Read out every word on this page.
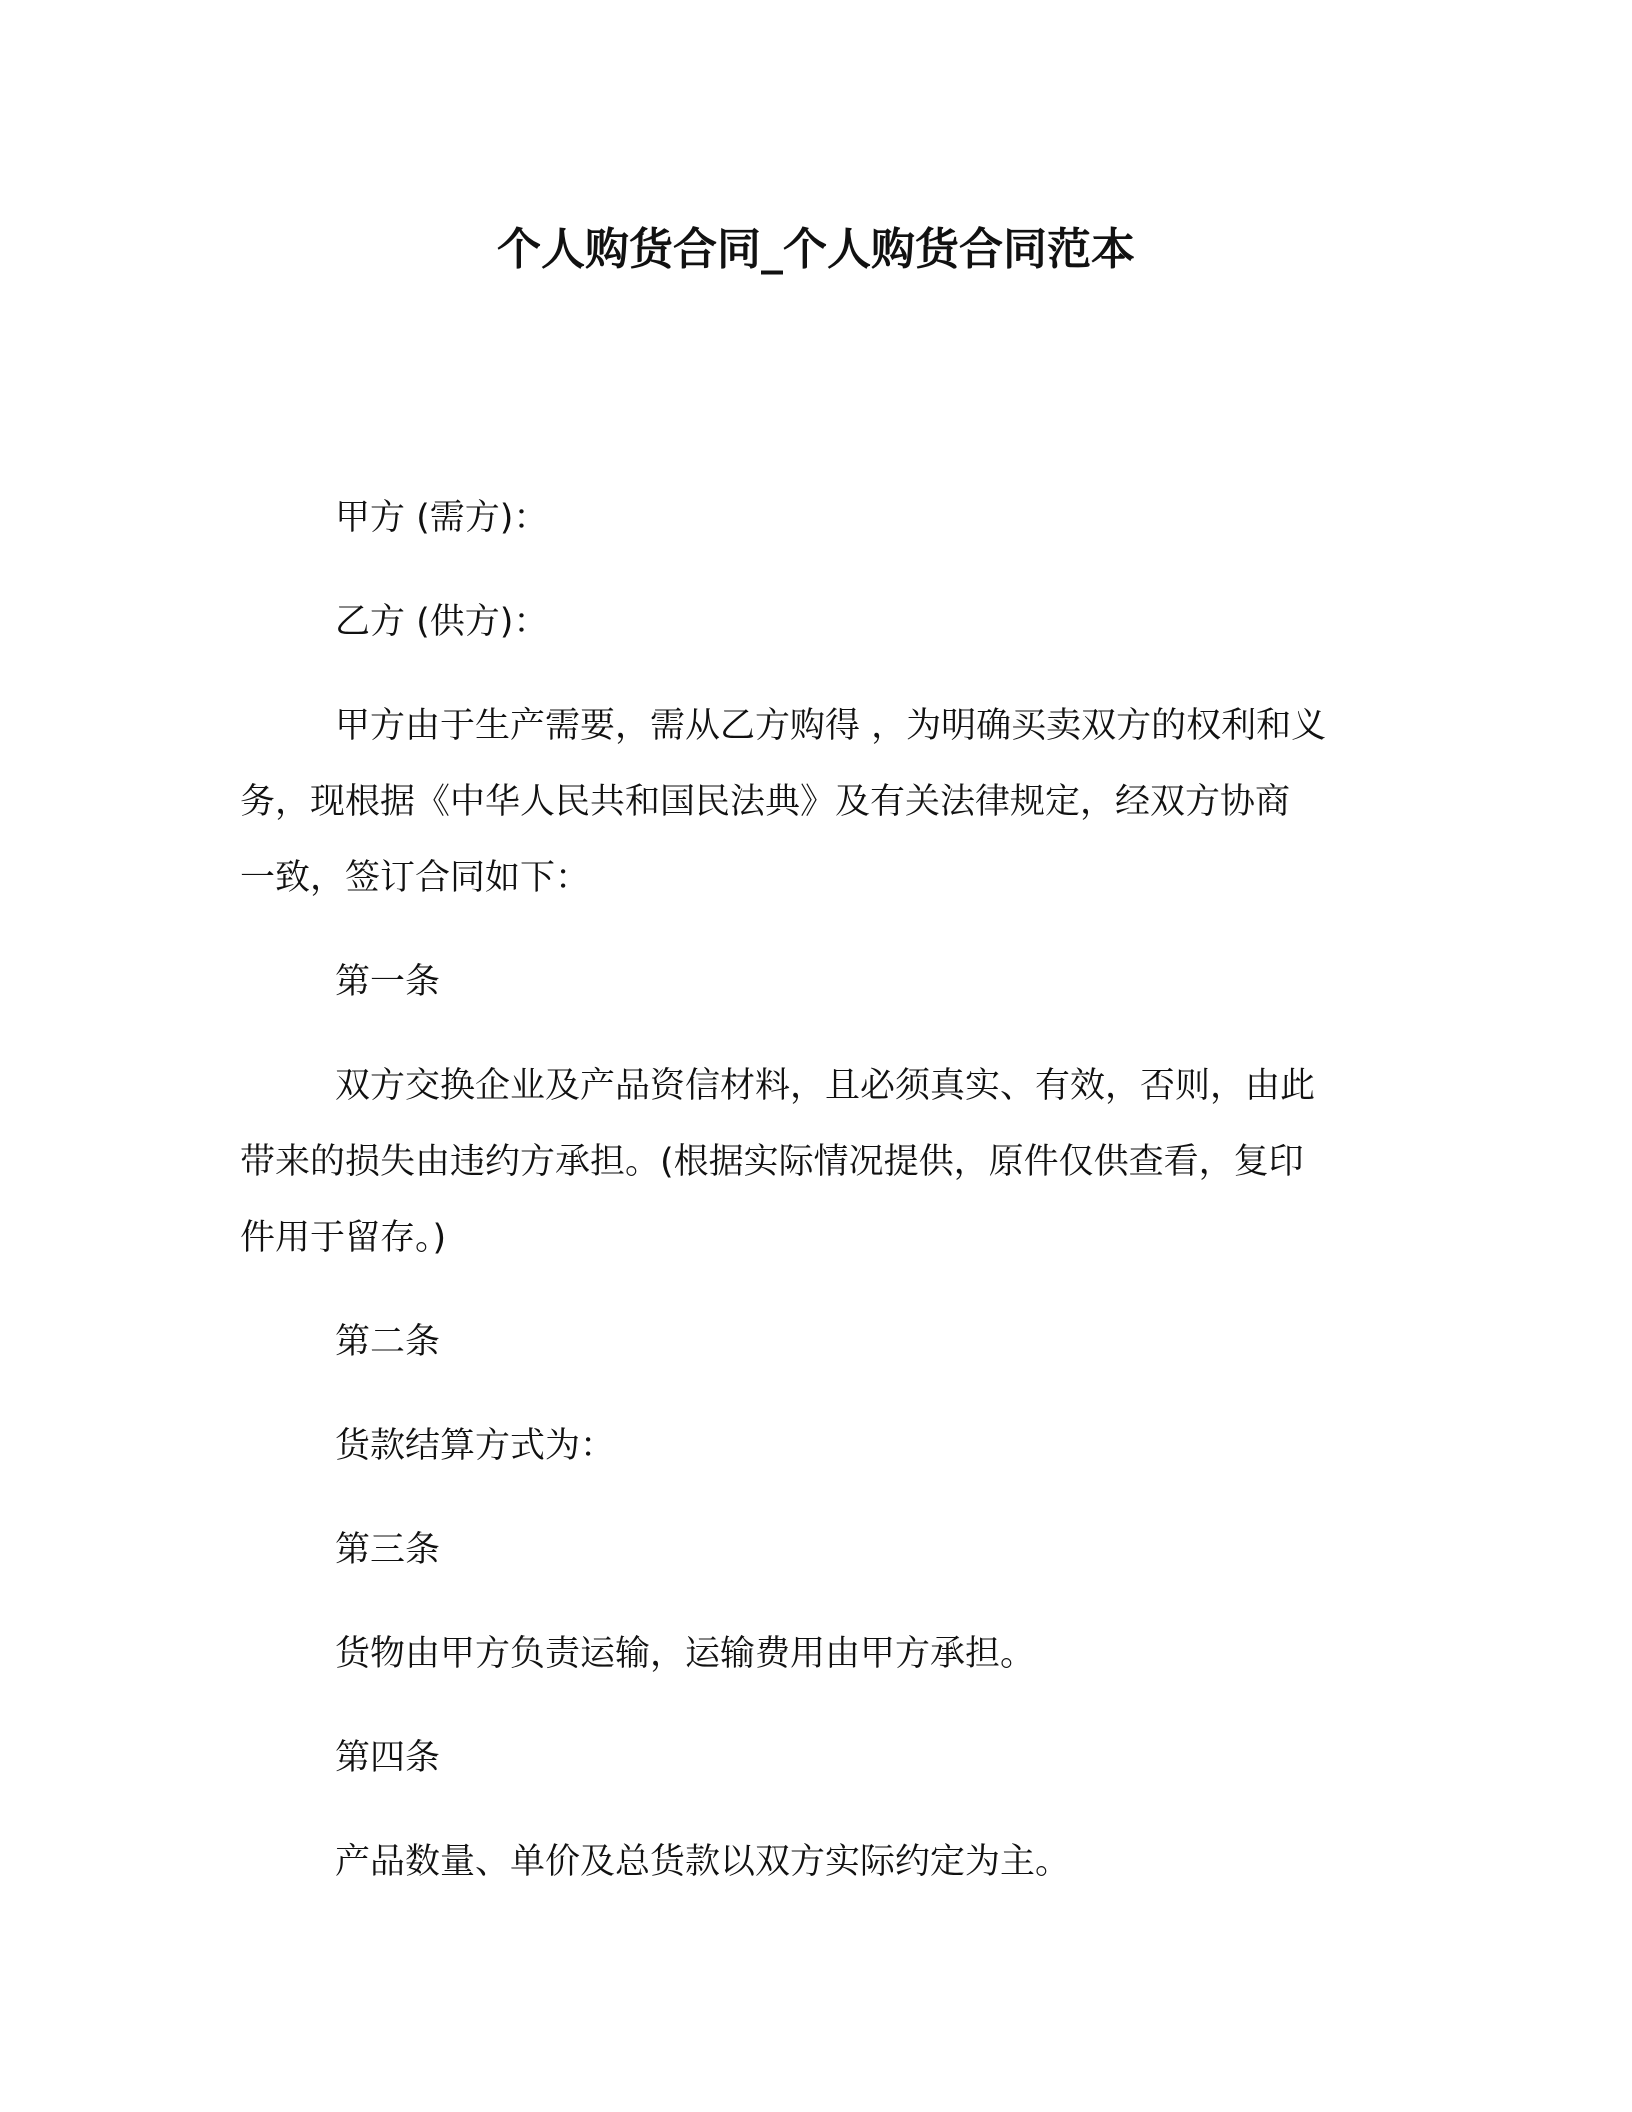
个人购货合同_个人购货合同范本
甲方 (需方)：
乙方 (供方)：
甲方由于生产需要，需从乙方购得 ，为明确买卖双方的权利和义
务，现根据《中华人民共和国民法典》及有关法律规定，经双方协商
一致，签订合同如下：
第一条
双方交换企业及产品资信材料，且必须真实、有效，否则，由此
带来的损失由违约方承担。(根据实际情况提供，原件仅供查看，复印
件用于留存。)
第二条
货款结算方式为：
第三条
货物由甲方负责运输，运输费用由甲方承担。
第四条
产品数量、单价及总货款以双方实际约定为主。
